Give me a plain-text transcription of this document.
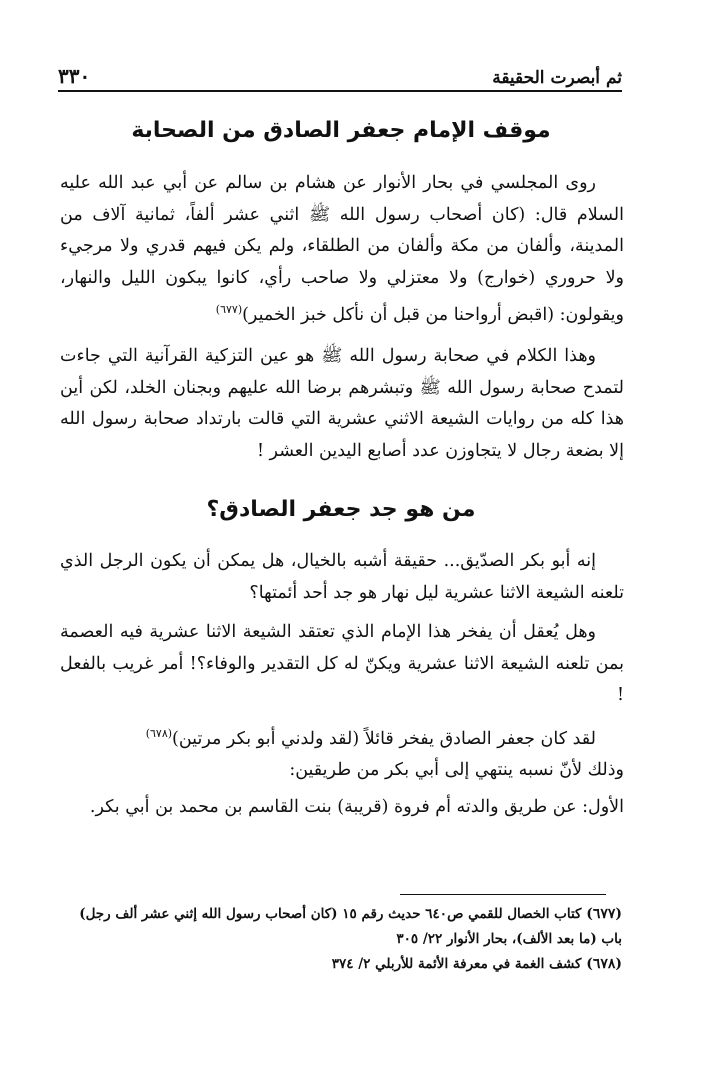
ثم أبصرت الحقيقة
٣٣٠
موقف الإمام جعفر الصادق من الصحابة

روى المجلسي في بحار الأنوار عن هشام بن سالم عن أبي عبد الله عليه السلام قال: (كان أصحاب رسول الله ﷺ اثني عشر ألفاً، ثمانية آلاف من المدينة، وألفان من مكة وألفان من الطلقاء، ولم يكن فيهم قدري ولا مرجيء ولا حروري (خوارج) ولا معتزلي ولا صاحب رأي، كانوا يبكون الليل والنهار، ويقولون: (اقبض أرواحنا من قبل أن نأكل خبز الخمير)$^{(٦٧٧)}$

وهذا الكلام في صحابة رسول الله ﷺ هو عين التزكية القرآنية التي جاءت لتمدح صحابة رسول الله ﷺ وتبشرهم برضا الله عليهم وبجنان الخلد، لكن أين هذا كله من روايات الشيعة الاثني عشرية التي قالت بارتداد صحابة رسول الله إلا بضعة رجال لا يتجاوزن عدد أصابع اليدين العشر !

من هو جد جعفر الصادق؟

إنه أبو بكر الصدّيق... حقيقة أشبه بالخيال، هل يمكن أن يكون الرجل الذي تلعنه الشيعة الاثنا عشرية ليل نهار هو جد أحد أئمتها؟

وهل يُعقل أن يفخر هذا الإمام الذي تعتقد الشيعة الاثنا عشرية فيه العصمة بمن تلعنه الشيعة الاثنا عشرية ويكنّ له كل التقدير والوفاء؟! أمر غريب بالفعل !

لقد كان جعفر الصادق يفخر قائلاً (لقد ولدني أبو بكر مرتين)$^{(٦٧٨)}$

وذلك لأنّ نسبه ينتهي إلى أبي بكر من طريقين:

الأول: عن طريق والدته أم فروة (قريبة) بنت القاسم بن محمد بن أبي بكر.

(٦٧٧) كتاب الخصال للقمي ص٦٤٠ حديث رقم ١٥ (كان أصحاب رسول الله إثني عشر ألف رجل) باب (ما بعد الألف)، بحار الأنوار ٢٢/ ٣٠٥

(٦٧٨) كشف الغمة في معرفة الأئمة للأربلي ٢/ ٣٧٤
